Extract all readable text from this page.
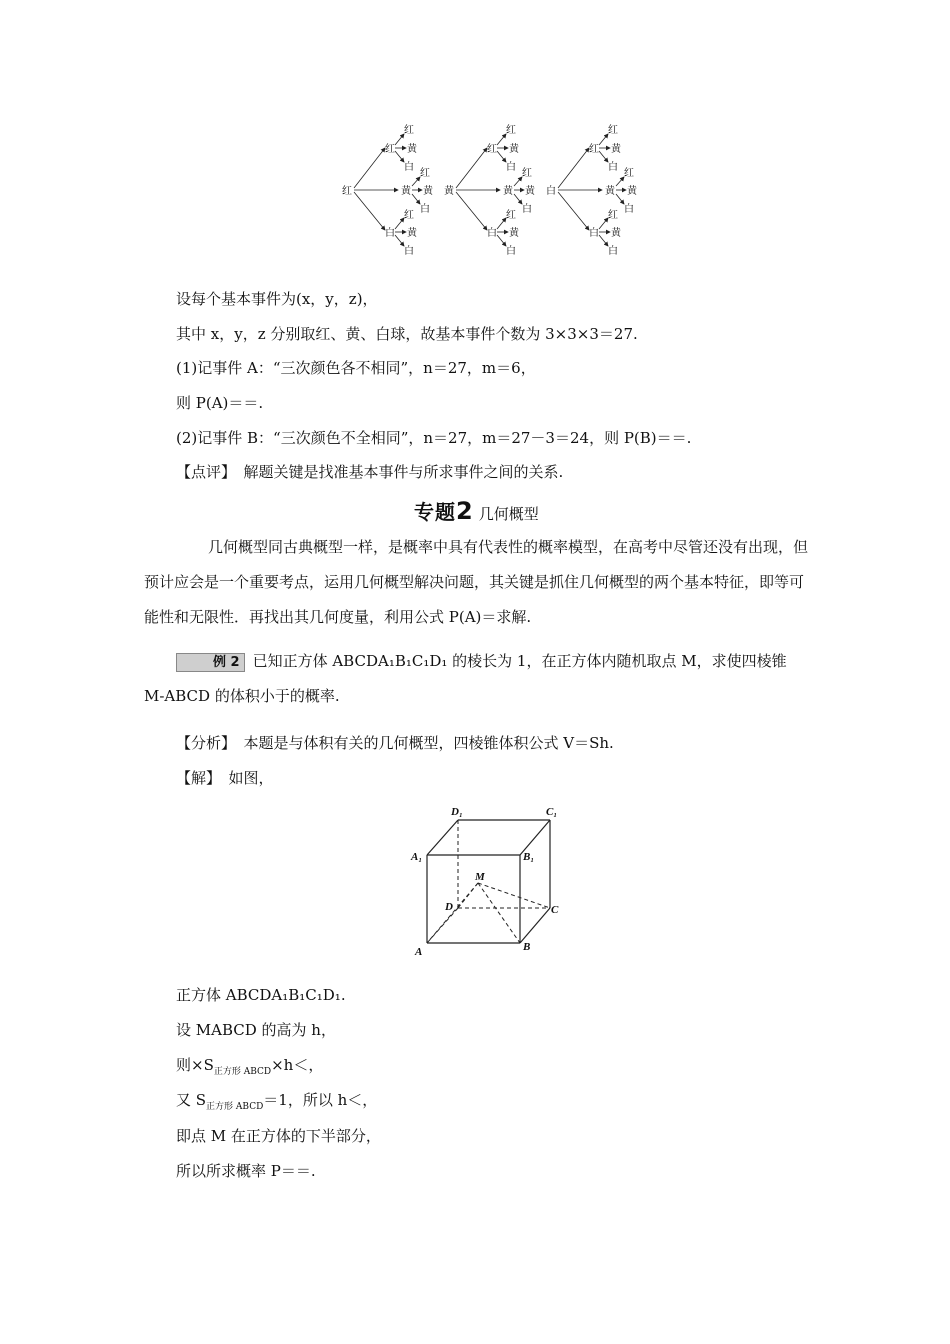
红
红
黄
白
红
黄
白
红
黄
白
红
黄
白
黄
红
黄
白
红
黄
白
红
黄
白
红
黄
白
白
红
黄
白
红
黄
白
红
黄
白
红
黄
白
设每个基本事件为(x，y，z)，
其中 x，y，z 分别取红、黄、白球，故基本事件个数为 3×3×3＝27.
(1)记事件 A：“三次颜色各不相同”，n＝27，m＝6，
则 P(A)＝＝.
(2)记事件 B：“三次颜色不全相同”，n＝27，m＝27－3＝24，则 P(B)＝＝.
【点评】　解题关键是找准基本事件与所求事件之间的关系.
专题2 几何概型
几何概型同古典概型一样，是概率中具有代表性的概率模型，在高考中尽管还没有出现，但预计应会是一个重要考点，运用几何概型解决问题，其关键是抓住几何概型的两个基本特征，即等可能性和无限性．再找出其几何度量，利用公式 P(A)＝求解.
例 2 已知正方体 ABCDA₁B₁C₁D₁ 的棱长为 1，在正方体内随机取点 M，求使四棱锥 M-ABCD 的体积小于的概率.
【分析】　本题是与体积有关的几何概型，四棱锥体积公式 V＝Sh.
【解】　如图，
D₁	C₁
A₁	B₁
M
D	C
A	B
正方体 ABCDA₁B₁C₁D₁.
设 MABCD 的高为 h，
则$\times S_{正方形 ABCD}\times h<$，
又 $S_{正方形 ABCD}=1$，所以 h＜，
即点 M 在正方体的下半部分，
所以所求概率 P＝＝.
